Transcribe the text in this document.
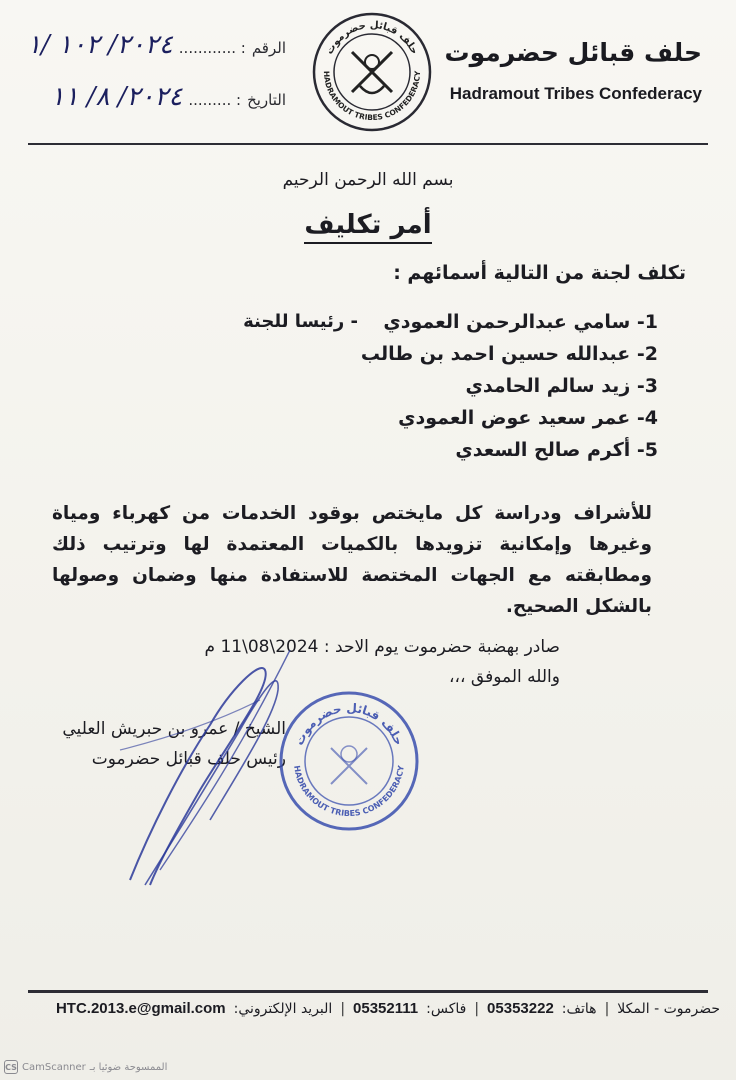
حلف قبائل حضرموت
Hadramout Tribes Confederacy
حلف قبائل حضرموت
HADRAMOUT TRIBES CONFEDERACY
الرقم
: ............
٢٠٢٤/ ١٠٢ /١
التاريخ
: .........
٢٠٢٤/ ٨/ ١١
بسم الله الرحمن الرحيم
أمر تكليف
تكلف لجنة من التالية أسمائهم :
1- سامي عبدالرحمن العمودي
2- عبدالله حسين احمد بن طالب
3- زيد سالم الحامدي
4- عمر سعيد عوض العمودي
5- أكرم صالح السعدي
- رئيسا للجنة

للأشراف ودراسة كل مايختص بوقود الخدمات من كهرباء ومياة وغيرها وإمكانية تزويدها بالكميات المعتمدة لها وترتيب ذلك ومطابقته مع الجهات المختصة للاستفادة منها وضمان وصولها بالشكل الصحيح.

صادر بهضبة حضرموت يوم الاحد : 2024\08\11 م
والله الموفق ،،،
الشيخ / عمرو بن حبريش العليي
رئيس حلف قبائل حضرموت
حلف قبائل حضرموت
HADRAMOUT TRIBES CONFEDERACY
حضرموت - المكلا
|
هاتف:
05353222
|
فاكس:
05352111
|
البريد الإلكتروني:
HTC.2013.e@gmail.com
CS CamScanner الممسوحة ضوئيا بـ
